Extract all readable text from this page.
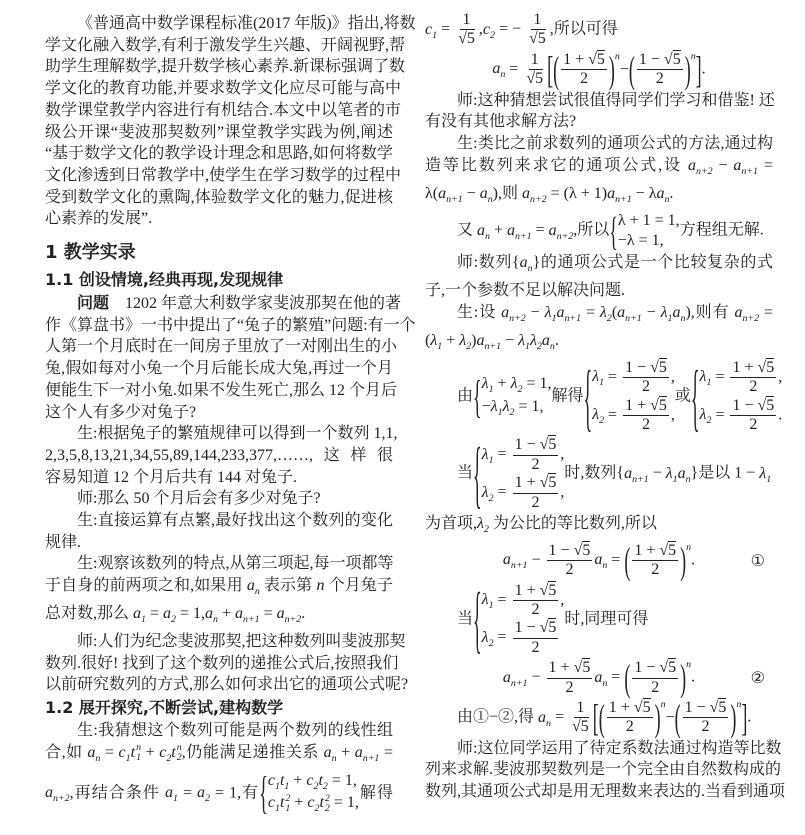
《普通高中数学课程标准(2017 年版)》指出,将数
学文化融入数学,有利于激发学生兴趣、开阔视野,帮
助学生理解数学,提升数学核心素养.新课标强调了数
学文化的教育功能,并要求数学文化应尽可能与高中
数学课堂教学内容进行有机结合.本文中以笔者的市
级公开课“斐波那契数列”课堂教学实践为例,阐述
“基于数学文化的教学设计理念和思路,如何将数学
文化渗透到日常教学中,使学生在学习数学的过程中
受到数学文化的熏陶,体验数学文化的魅力,促进核
心素养的发展”.
1 教学实录
1.1 创设情境,经典再现,发现规律
问题　1202 年意大利数学家斐波那契在他的著
作《算盘书》一书中提出了“兔子的繁殖”问题:有一个
人第一个月底时在一间房子里放了一对刚出生的小
兔,假如每对小兔一个月后能长成大兔,再过一个月
便能生下一对小兔.如果不发生死亡,那么 12 个月后
这个人有多少对兔子?
生:根据兔子的繁殖规律可以得到一个数列 1,1,
2,3,5,8,13,21,34,55,89,144,233,377,……,这样很
容易知道 12 个月后共有 144 对兔子.
师:那么 50 个月后会有多少对兔子?
生:直接运算有点繁,最好找出这个数列的变化
规律.
生:观察该数列的特点,从第三项起,每一项都等
于自身的前两项之和,如果用 $a_n$ 表示第 n 个月兔子
总对数,那么 $a_1 = a_2 = 1,a_n + a_{n+1} = a_{n+2}$.
师:人们为纪念斐波那契,把这种数列叫斐波那契
数列.很好! 找到了这个数列的递推公式后,按照我们
以前研究数列的方式,那么如何求出它的通项公式呢?
1.2 展开探究,不断尝试,建构数学
生:我猜想这个数列可能是两个数列的线性组
合,如 $a_n = c_1t$ n
$1 + c_2t$ n
2 ,仍能满足递推关系 $a_n + a_{n+1}$ =
$a_{n+2}$,再结合条件 $a_1 = a_2 = 1$,有 { $c_1t_1 + c_2t_2 = 1$,
$c_1t$ 2
$1 + c_2t$ 2
2 = 1,
解得
$c_1 = \frac{1}{√5} ,c_2$ = − $\frac{1}{√5}$ ,所以可得
$a_n = \frac{1}{√5}$ [ ( $\frac{1 + √5}{2} )^n$
− ( $\frac{1 - √5}{2} )^n$ ] .
师:这种猜想尝试很值得同学们学习和借鉴! 还
有没有其他求解方法?
生:类比之前求数列的通项公式的方法,通过构
造等比数列来求它的通项公式,设 $a_{n+2} - a_{n+1}$ =
$\lambda(a_{n+1} - a_n)$,则 $a_{n+2} = (\lambda + 1)a_{n+1} - \lambda a_n$.
又 $a_n + a_{n+1} = a_{n+2}$,所以 { λ + 1 = 1,
−λ = 1,
方程组无解.
师:数列$\{a_n\}$的通项公式是一个比较复杂的式
子,一个参数不足以解决问题.
生:设 $a_{n+2} - \lambda_1a_{n+1} = \lambda_2(a_{n+1} - \lambda_1a_n)$,则有 $a_{n+2}$ =
$(\lambda_1 + \lambda_2)a_{n+1} - \lambda_1\lambda_2a_n$.
由 { $\lambda_1 + \lambda_2 = 1$,
$-\lambda_1\lambda_2 = 1$,
解得 { $\lambda_1 = \frac{1 - √5}{2}$ ,
$\lambda_2 = \frac{1 + √5}{2}$ ,
或 { $\lambda_1 = \frac{1 + √5}{2}$ ,
$\lambda_2 = \frac{1 - √5}{2}$ .
当 { $\lambda_1 = \frac{1 - √5}{2}$ ,
$\lambda_2 = \frac{1 + √5}{2}$ ,
时,数列$\{a_{n+1} - \lambda_1a_n\}$是以 $1 - \lambda_1$
为首项$,\lambda_2$ 为公比的等比数列,所以
$a_{n+1} - \frac{1 - √5}{2} a_n$ = ( $\frac{1 + √5}{2} )^n$
.	①
当 { $\lambda_1 = \frac{1 + √5}{2}$ ,
$\lambda_2 = \frac{1 - √5}{2}$
时,同理可得
$a_{n+1} - \frac{1 + √5}{2} a_n$ = ( $\frac{1 - √5}{2} )^n$
.	②
由①−②,得 $a_n = \frac{1}{√5}$ [ ( $\frac{1 + √5}{2} )^n$
− ( $\frac{1 - √5}{2} )^n$ ] .
师:这位同学运用了待定系数法通过构造等比数
列来求解.斐波那契数列是一个完全由自然数构成的
数列,其通项公式却是用无理数来表达的.当看到通项
